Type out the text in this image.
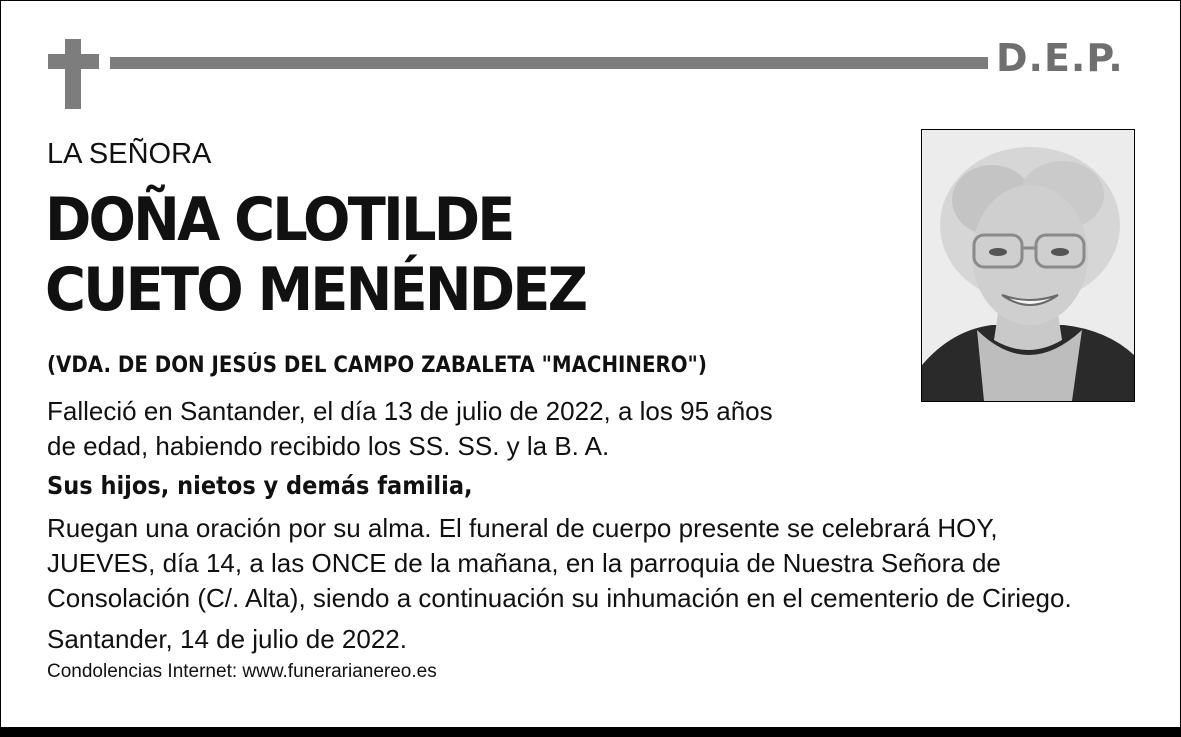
D.E.P.
LA SEÑORA
DOÑA CLOTILDE
CUETO MENÉNDEZ
(VDA. DE DON JESÚS DEL CAMPO ZABALETA "MACHINERO")
Falleció en Santander, el día 13 de julio de 2022, a los 95 años
de edad, habiendo recibido los SS. SS. y la B. A.
Sus hijos, nietos y demás familia,
Ruegan una oración por su alma. El funeral de cuerpo presente se celebrará HOY,
JUEVES, día 14, a las ONCE de la mañana, en la parroquia de Nuestra Señora de
Consolación (C/. Alta), siendo a continuación su inhumación en el cementerio de Ciriego.
Santander, 14 de julio de 2022.
Condolencias Internet: www.funerarianereo.es
